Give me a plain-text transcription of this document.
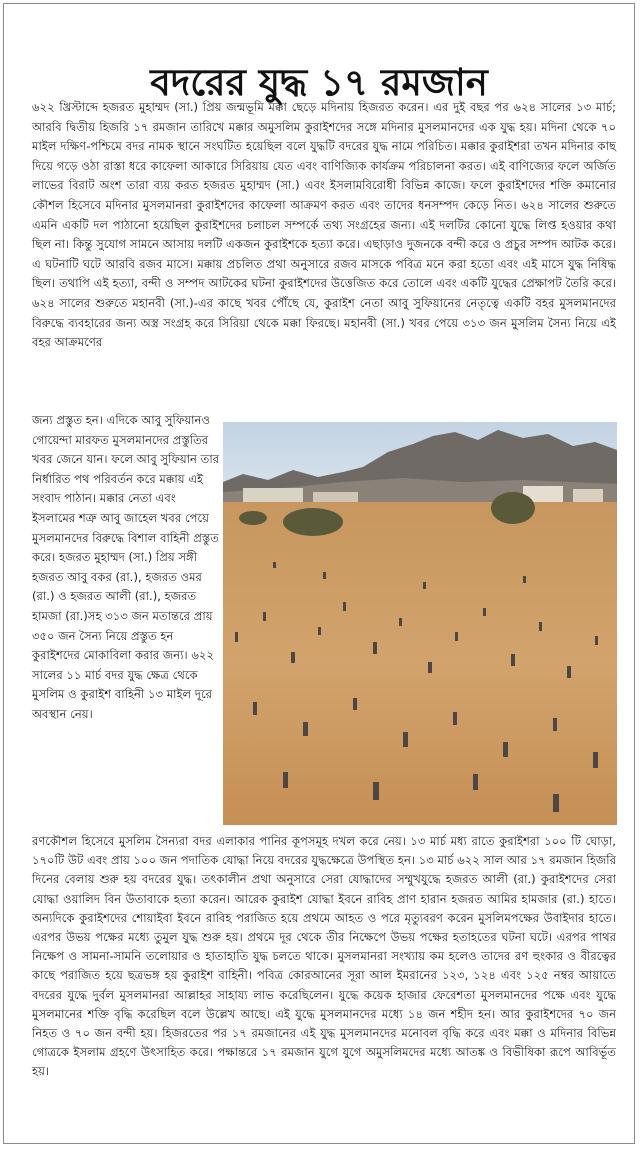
বদরের যুদ্ধ ১৭ রমজান

৬২২ খ্রিস্টাব্দে হজরত মুহাম্মদ (সা.) প্রিয় জন্মভূমি মক্কা ছেড়ে মদিনায় হিজরত করেন। এর দুই বছর পর ৬২৪ সালের ১৩ মার্চ; আরবি দ্বিতীয় হিজরি ১৭ রমজান তারিখে মক্কার অমুসলিম কুরাইশদের সঙ্গে মদিনার মুসলমানদের এক যুদ্ধ হয়। মদিনা থেকে ৭০ মাইল দক্ষিণ-পশ্চিমে বদর নামক স্থানে সংঘটিত হয়েছিল বলে যুদ্ধটি বদরের যুদ্ধ নামে পরিচিত। মক্কার কুরাইশরা তখন মদিনার কাছ দিয়ে গড়ে ওঠা রাস্তা ধরে কাফেলা আকারে সিরিয়ায় যেত এবং বাণিজ্যিক কার্যক্রম পরিচালনা করত। এই বাণিজ্যের ফলে অর্জিত লাভের বিরাট অংশ তারা ব্যয় করত হজরত মুহাম্মদ (সা.) এবং ইসলামবিরোধী বিভিন্ন কাজে। ফলে কুরাইশদের শক্তি কমানোর কৌশল হিসেবে মদিনার মুসলমানরা কুরাইশদের কাফেলা আক্রমণ করত এবং তাদের ধনসম্পদ কেড়ে নিত। ৬২৪ সালের শুরুতে এমনি একটি দল পাঠানো হয়েছিল কুরাইশদের চলাচল সম্পর্কে তথ্য সংগ্রহের জন্য। এই দলটির কোনো যুদ্ধে লিপ্ত হওয়ার কথা ছিল না। কিন্তু সুযোগ সামনে আসায় দলটি একজন কুরাইশকে হত্যা করে। এছাড়াও দুজনকে বন্দী করে ও প্রচুর সম্পদ আটক করে। এ ঘটনাটি ঘটে আরবি রজব মাসে। মক্কায় প্রচলিত প্রথা অনুসারে রজব মাসকে পবিত্র মনে করা হতো এবং এই মাসে যুদ্ধ নিষিদ্ধ ছিল। তথাপি এই হত্যা, বন্দী ও সম্পদ আটকের ঘটনা কুরাইশদের উত্তেজিত করে তোলে এবং একটি যুদ্ধের প্রেক্ষাপট তৈরি করে। ৬২৪ সালের শুরুতে মহানবী (সা.)-এর কাছে খবর পৌঁছে যে, কুরাইশ নেতা আবু সুফিয়ানের নেতৃত্বে একটি বহর মুসলমানদের বিরুদ্ধে ব্যবহারের জন্য অস্ত্র সংগ্রহ করে সিরিয়া থেকে মক্কা ফিরছে। মহানবী (সা.) খবর পেয়ে ৩১৩ জন মুসলিম সৈন্য নিয়ে এই বহর আক্রমণের

জন্য প্রস্তুত হন। এদিকে আবু সুফিয়ানও গোয়েন্দা মারফত মুসলমানদের প্রস্তুতির খবর জেনে যান। ফলে আবু সুফিয়ান তার নির্ধারিত পথ পরিবর্তন করে মক্কায় এই সংবাদ পাঠান। মক্কার নেতা এবং ইসলামের শত্রু আবু জাহেল খবর পেয়ে মুসলমানদের বিরুদ্ধে বিশাল বাহিনী প্রস্তুত করে। হজরত মুহাম্মদ (সা.) প্রিয় সঙ্গী হজরত আবু বকর (রা.), হজরত ওমর (রা.) ও হজরত আলী (রা.), হজরত হামজা (রা.)সহ ৩১৩ জন মতান্তরে প্রায় ৩৫০ জন সৈন্য নিয়ে প্রস্তুত হন কুরাইশদের মোকাবিলা করার জন্য। ৬২২ সালের ১১ মার্চ বদর যুদ্ধ ক্ষেত্র থেকে মুসলিম ও কুরাইশ বাহিনী ১৩ মাইল দূরে অবস্থান নেয়।

রণকৌশল হিসেবে মুসলিম সৈন্যরা বদর এলাকার পানির কূপসমূহ দখল করে নেয়। ১৩ মার্চ মধ্য রাতে কুরাইশরা ১০০ টি ঘোড়া, ১৭০টি উট এবং প্রায় ১০০ জন পদাতিক যোদ্ধা নিয়ে বদরের যুদ্ধক্ষেত্রে উপস্থিত হন। ১৩ মার্চ ৬২২ সাল আর ১৭ রমজান হিজরি দিনের বেলায় শুরু হয় বদরের যুদ্ধ। তৎকালীন প্রথা অনুসারে সেরা যোদ্ধাদের সম্মুখযুদ্ধে হজরত আলী (রা.) কুরাইশদের সেরা যোদ্ধা ওয়ালিদ বিন উতাবাকে হত্যা করেন। আরেক কুরাইশ যোদ্ধা ইবনে রাবিহ প্রাণ হারান হজরত আমির হামজার (রা.) হাতে। অন্যদিকে কুরাইশদের শোয়াইবা ইবনে রাবিহ পরাজিত হয়ে প্রথমে আহত ও পরে মৃত্যুবরণ করেন মুসলিমপক্ষের উবাইদার হাতে। এরপর উভয় পক্ষের মধ্যে তুমুল যুদ্ধ শুরু হয়। প্রথমে দূর থেকে তীর নিক্ষেপে উভয় পক্ষের হতাহতের ঘটনা ঘটে। এরপর পাথর নিক্ষেপ ও সামনা-সামনি তলোয়ার ও হাতাহাতি যুদ্ধ চলতে থাকে। মুসলমানরা সংখ্যায় কম হলেও তাদের রণ হুংকার ও বীরত্বের কাছে পরাজিত হয়ে ছত্রভঙ্গ হয় কুরাইশ বাহিনী। পবিত্র কোরআনের সূরা আল ইমরানের ১২৩, ১২৪ এবং ১২৫ নম্বর আয়াতে বদরের যুদ্ধে দুর্বল মুসলমানরা আল্লাহর সাহায্য লাভ করেছিলেন। যুদ্ধে কয়েক হাজার ফেরেশতা মুসলমানদের পক্ষে এবং যুদ্ধে মুসলমানের শক্তি বৃদ্ধি করেছিল বলে উল্লেখ আছে। এই যুদ্ধে মুসলমানদের মধ্যে ১৪ জন শহীদ হন। আর কুরাইশদের ৭০ জন নিহত ও ৭০ জন বন্দী হয়। হিজরতের পর ১৭ রমজানের এই যুদ্ধ মুসলমানদের মনোবল বৃদ্ধি করে এবং মক্কা ও মদিনার বিভিন্ন গোত্রকে ইসলাম গ্রহণে উৎসাহিত করে। পক্ষান্তরে ১৭ রমজান যুগে যুগে অমুসলিমদের মধ্যে আতঙ্ক ও বিভীষিকা রূপে আবির্ভূত হয়।
